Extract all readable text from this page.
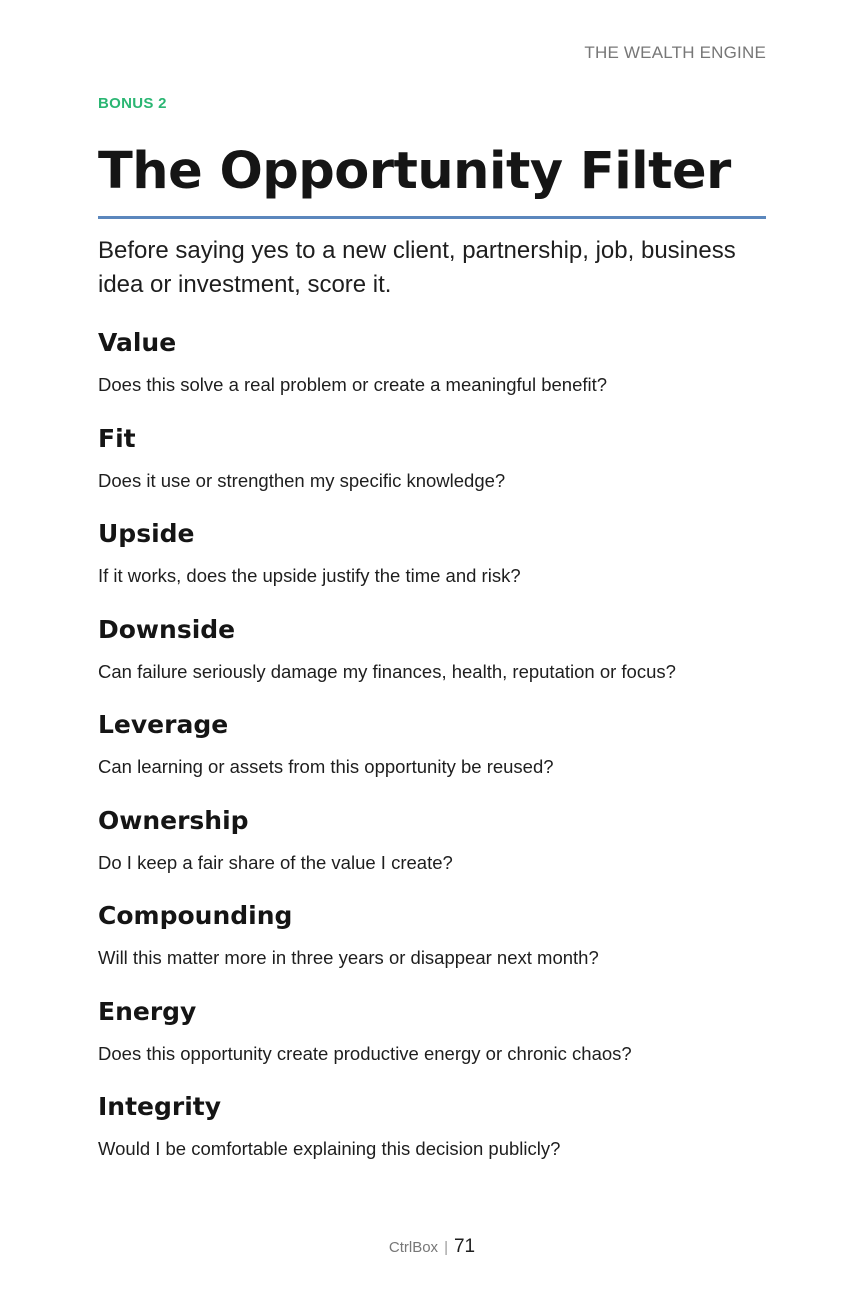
THE WEALTH ENGINE

BONUS 2

The Opportunity Filter

Before saying yes to a new client, partnership, job, business idea or investment, score it.

Value

Does this solve a real problem or create a meaningful benefit?

Fit

Does it use or strengthen my specific knowledge?

Upside

If it works, does the upside justify the time and risk?

Downside

Can failure seriously damage my finances, health, reputation or focus?

Leverage

Can learning or assets from this opportunity be reused?

Ownership

Do I keep a fair share of the value I create?

Compounding

Will this matter more in three years or disappear next month?

Energy

Does this opportunity create productive energy or chronic chaos?

Integrity

Would I be comfortable explaining this decision publicly?

CtrlBox | 71
